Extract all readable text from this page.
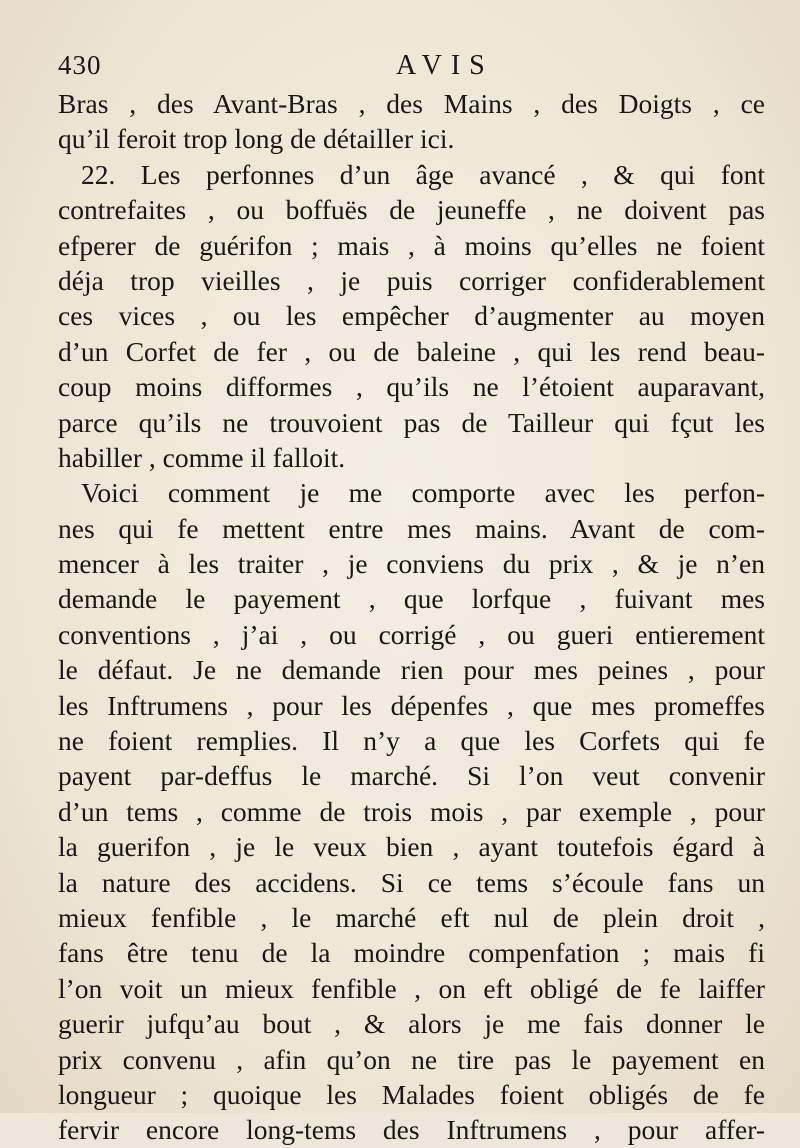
430	AVIS
Bras , des Avant-Bras , des Mains , des Doigts , ce
qu’il feroit trop long de détailler ici.
22. Les perfonnes d’un âge avancé , & qui font
contrefaites , ou boffuës de jeuneffe , ne doivent pas
efperer de guérifon ; mais , à moins qu’elles ne foient
déja trop vieilles , je puis corriger confiderablement
ces vices , ou les empêcher d’augmenter au moyen
d’un Corfet de fer , ou de baleine , qui les rend beau-
coup moins difformes , qu’ils ne l’étoient auparavant,
parce qu’ils ne trouvoient pas de Tailleur qui fçut les
habiller , comme il falloit.
Voici comment je me comporte avec les perfon-
nes qui fe mettent entre mes mains. Avant de com-
mencer à les traiter , je conviens du prix , & je n’en
demande le payement , que lorfque , fuivant mes
conventions , j’ai , ou corrigé , ou gueri entierement
le défaut. Je ne demande rien pour mes peines , pour
les Inftrumens , pour les dépenfes , que mes promeffes
ne foient remplies. Il n’y a que les Corfets qui fe
payent par-deffus le marché. Si l’on veut convenir
d’un tems , comme de trois mois , par exemple , pour
la guerifon , je le veux bien , ayant toutefois égard à
la nature des accidens. Si ce tems s’écoule fans un
mieux fenfible , le marché eft nul de plein droit ,
fans être tenu de la moindre compenfation ; mais fi
l’on voit un mieux fenfible , on eft obligé de fe laiffer
guerir jufqu’au bout , & alors je me fais donner le
prix convenu , afin qu’on ne tire pas le payement en
longueur ; quoique les Malades foient obligés de fe
fervir encore long-tems des Inftrumens , pour affer-
